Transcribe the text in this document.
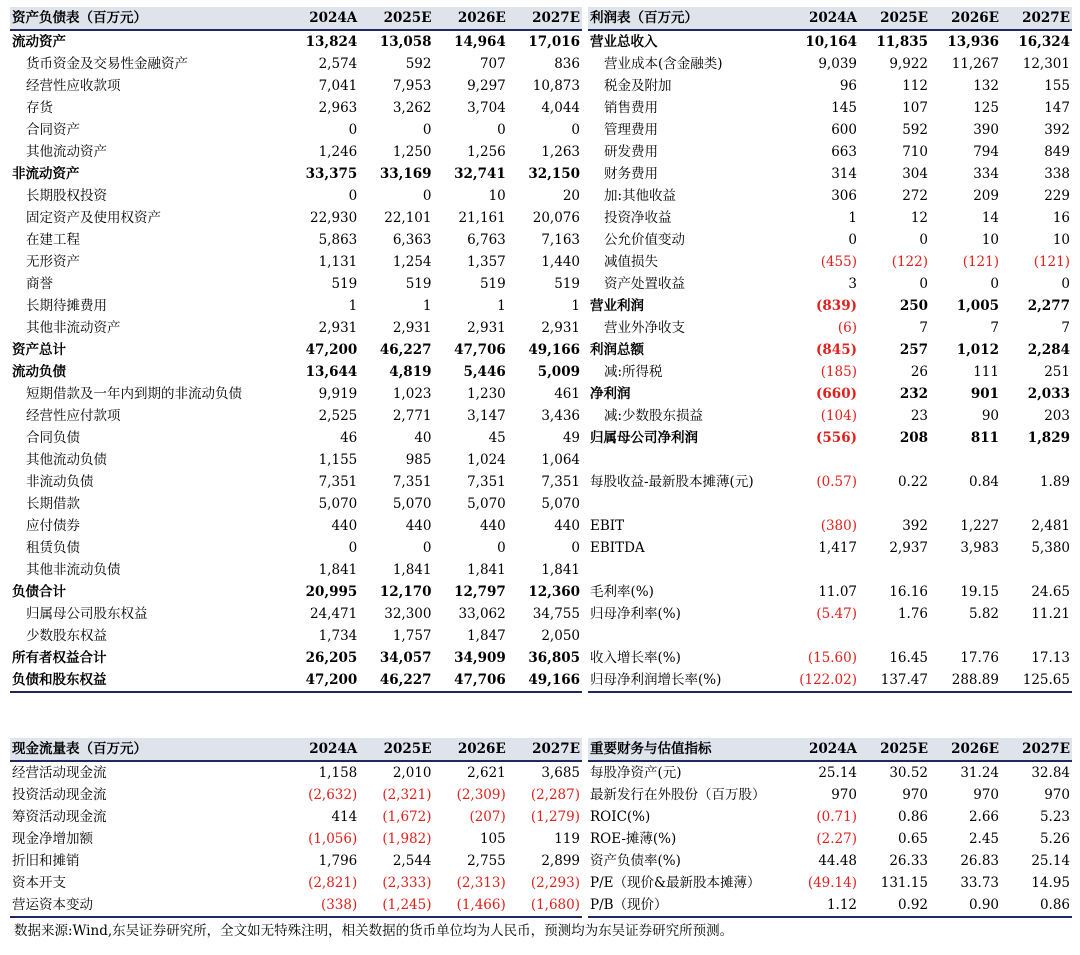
资产负债表（百万元）	2024A	2025E	2026E	2027E
流动资产	13,824	13,058	14,964	17,016
货币资金及交易性金融资产	2,574	592	707	836
经营性应收款项	7,041	7,953	9,297	10,873
存货	2,963	3,262	3,704	4,044
合同资产	0	0	0	0
其他流动资产	1,246	1,250	1,256	1,263
非流动资产	33,375	33,169	32,741	32,150
长期股权投资	0	0	10	20
固定资产及使用权资产	22,930	22,101	21,161	20,076
在建工程	5,863	6,363	6,763	7,163
无形资产	1,131	1,254	1,357	1,440
商誉	519	519	519	519
长期待摊费用	1	1	1	1
其他非流动资产	2,931	2,931	2,931	2,931
资产总计	47,200	46,227	47,706	49,166
流动负债	13,644	4,819	5,446	5,009
短期借款及一年内到期的非流动负债	9,919	1,023	1,230	461
经营性应付款项	2,525	2,771	3,147	3,436
合同负债	46	40	45	49
其他流动负债	1,155	985	1,024	1,064
非流动负债	7,351	7,351	7,351	7,351
长期借款	5,070	5,070	5,070	5,070
应付债券	440	440	440	440
租赁负债	0	0	0	0
其他非流动负债	1,841	1,841	1,841	1,841
负债合计	20,995	12,170	12,797	12,360
归属母公司股东权益	24,471	32,300	33,062	34,755
少数股东权益	1,734	1,757	1,847	2,050
所有者权益合计	26,205	34,057	34,909	36,805
负债和股东权益	47,200	46,227	47,706	49,166
利润表（百万元）	2024A	2025E	2026E	2027E
营业总收入	10,164	11,835	13,936	16,324
营业成本(含金融类)	9,039	9,922	11,267	12,301
税金及附加	96	112	132	155
销售费用	145	107	125	147
管理费用	600	592	390	392
研发费用	663	710	794	849
财务费用	314	304	334	338
加:其他收益	306	272	209	229
投资净收益	1	12	14	16
公允价值变动	0	0	10	10
减值损失	(455)	(122)	(121)	(121)
资产处置收益	3	0	0	0
营业利润	(839)	250	1,005	2,277
营业外净收支	(6)	7	7	7
利润总额	(845)	257	1,012	2,284
减:所得税	(185)	26	111	251
净利润	(660)	232	901	2,033
减:少数股东损益	(104)	23	90	203
归属母公司净利润	(556)	208	811	1,829

每股收益-最新股本摊薄(元)	(0.57)	0.22	0.84	1.89

EBIT	(380)	392	1,227	2,481
EBITDA	1,417	2,937	3,983	5,380

毛利率(%)	11.07	16.16	19.15	24.65
归母净利率(%)	(5.47)	1.76	5.82	11.21

收入增长率(%)	(15.60)	16.45	17.76	17.13
归母净利润增长率(%)	(122.02)	137.47	288.89	125.65
现金流量表（百万元）	2024A	2025E	2026E	2027E
经营活动现金流	1,158	2,010	2,621	3,685
投资活动现金流	(2,632)	(2,321)	(2,309)	(2,287)
筹资活动现金流	414	(1,672)	(207)	(1,279)
现金净增加额	(1,056)	(1,982)	105	119
折旧和摊销	1,796	2,544	2,755	2,899
资本开支	(2,821)	(2,333)	(2,313)	(2,293)
营运资本变动	(338)	(1,245)	(1,466)	(1,680)
重要财务与估值指标	2024A	2025E	2026E	2027E
每股净资产(元)	25.14	30.52	31.24	32.84
最新发行在外股份（百万股）	970	970	970	970
ROIC(%)	(0.71)	0.86	2.66	5.23
ROE-摊薄(%)	(2.27)	0.65	2.45	5.26
资产负债率(%)	44.48	26.33	26.83	25.14
P/E（现价&最新股本摊薄）	(49.14)	131.15	33.73	14.95
P/B（现价）	1.12	0.92	0.90	0.86
数据来源:Wind,东吴证券研究所，全文如无特殊注明，相关数据的货币单位均为人民币，预测均为东吴证券研究所预测。
